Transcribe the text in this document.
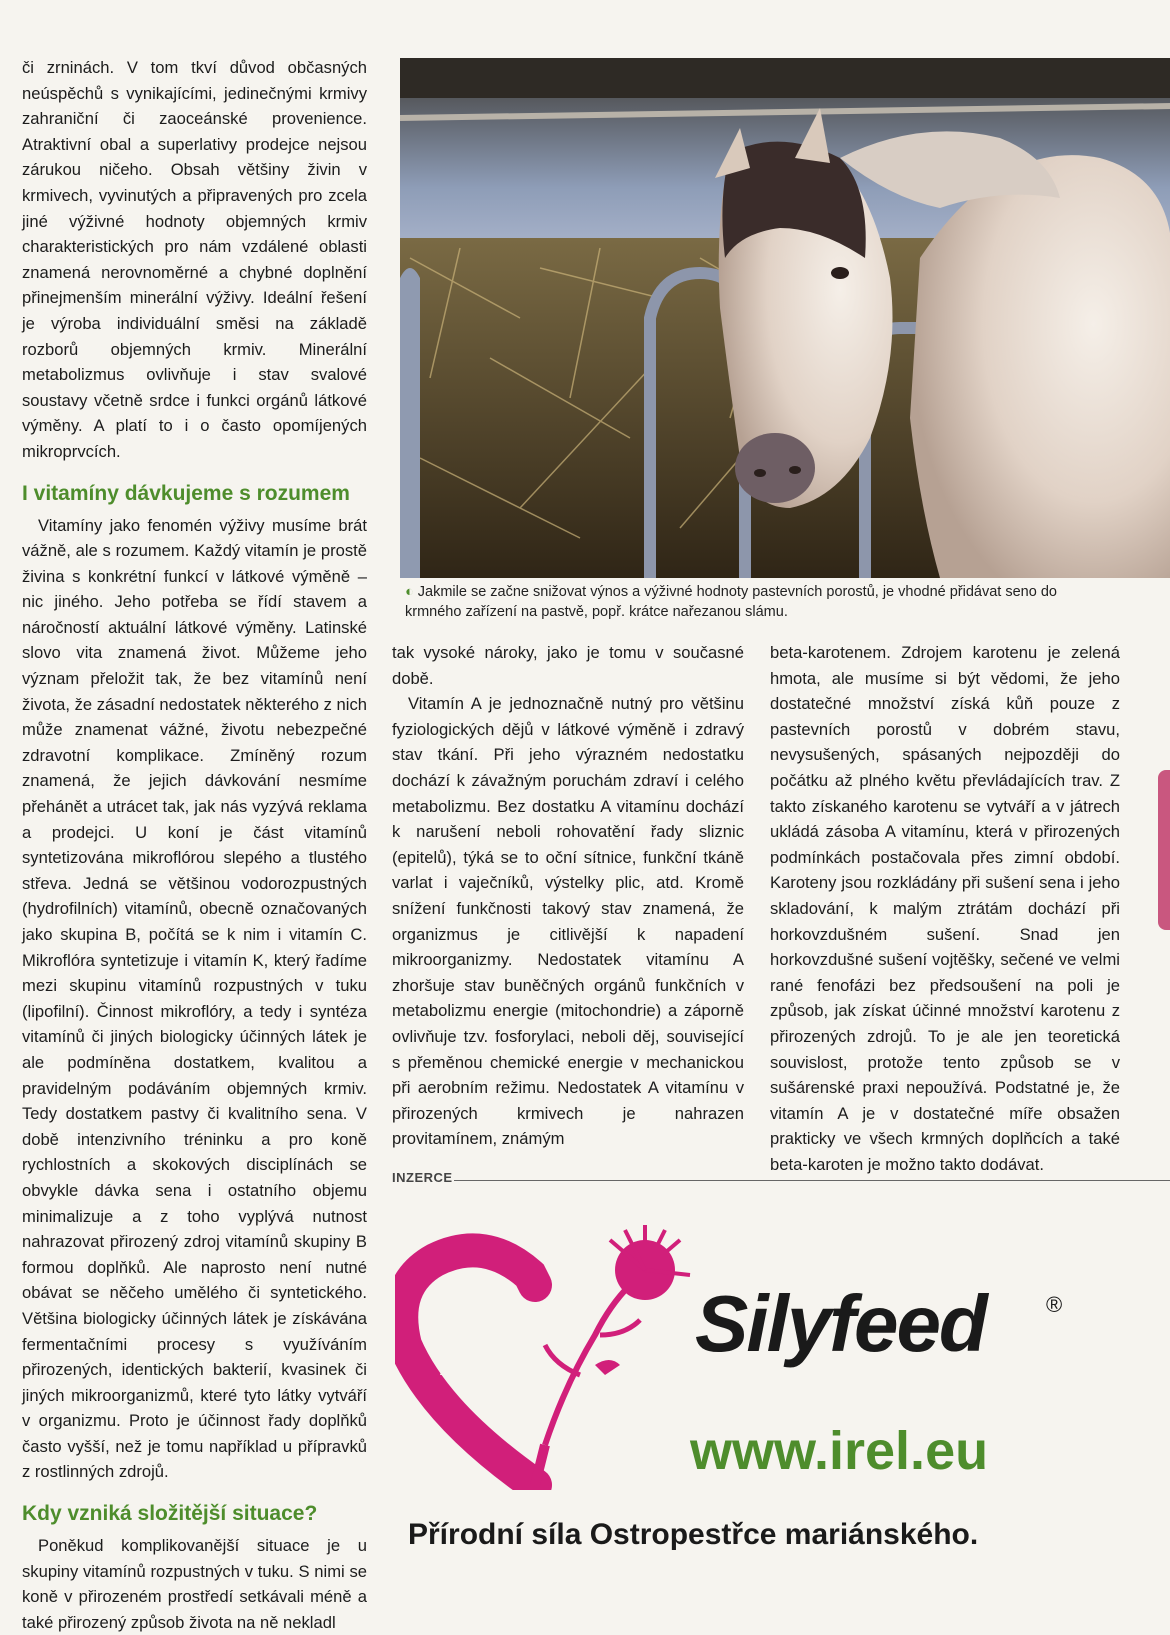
či zrninách. V tom tkví důvod občasných neúspěchů s vynikajícími, jedinečnými krmivy zahraniční či zaoceánské provenience. Atraktivní obal a superlativy prodejce nejsou zárukou ničeho. Obsah většiny živin v krmivech, vyvinutých a připravených pro zcela jiné výživné hodnoty objemných krmiv charakteristických pro nám vzdálené oblasti znamená nerovnoměrné a chybné doplnění přinejmenším minerální výživy. Ideální řešení je výroba individuální směsi na základě rozborů objemných krmiv. Minerální metabolizmus ovlivňuje i stav svalové soustavy včetně srdce i funkci orgánů látkové výměny. A platí to i o často opomíjených mikroprvcích.

I vitamíny dávkujeme s rozumem

Vitamíny jako fenomén výživy musíme brát vážně, ale s rozumem. Každý vitamín je prostě živina s konkrétní funkcí v látkové výměně – nic jiného. Jeho potřeba se řídí stavem a náročností aktuální látkové výměny. Latinské slovo vita znamená život. Můžeme jeho význam přeložit tak, že bez vitamínů není života, že zásadní nedostatek některého z nich může znamenat vážné, životu nebezpečné zdravotní komplikace. Zmíněný rozum znamená, že jejich dávkování nesmíme přehánět a utrácet tak, jak nás vyzývá reklama a prodejci. U koní je část vitamínů syntetizována mikroflórou slepého a tlustého střeva. Jedná se většinou vodorozpustných (hydrofilních) vitamínů, obecně označovaných jako skupina B, počítá se k nim i vitamín C. Mikroflóra syntetizuje i vitamín K, který řadíme mezi skupinu vitamínů rozpustných v tuku (lipofilní). Činnost mikroflóry, a tedy i syntéza vitamínů či jiných biologicky účinných látek je ale podmíněna dostatkem, kvalitou a pravidelným podáváním objemných krmiv. Tedy dostatkem pastvy či kvalitního sena. V době intenzivního tréninku a pro koně rychlostních a skokových disciplínách se obvykle dávka sena i ostatního objemu minimalizuje a z toho vyplývá nutnost nahrazovat přirozený zdroj vitamínů skupiny B formou doplňků. Ale naprosto není nutné obávat se něčeho umělého či syntetického. Většina biologicky účinných látek je získávána fermentačními procesy s využíváním přirozených, identických bakterií, kvasinek či jiných mikroorganizmů, které tyto látky vytváří v organizmu. Proto je účinnost řady doplňků často vyšší, než je tomu například u přípravků z rostlinných zdrojů.

Kdy vzniká složitější situace?

Poněkud komplikovanější situace je u skupiny vitamínů rozpustných v tuku. S nimi se koně v přirozeném prostředí setkávali méně a také přirozený způsob života na ně nekladl

◐ Jakmile se začne snižovat výnos a výživné hodnoty pastevních porostů, je vhodné přidávat seno do krmného zařízení na pastvě, popř. krátce nařezanou slámu.

tak vysoké nároky, jako je tomu v současné době.

Vitamín A je jednoznačně nutný pro většinu fyziologických dějů v látkové výměně i zdravý stav tkání. Při jeho výrazném nedostatku dochází k závažným poruchám zdraví i celého metabolizmu. Bez dostatku A vitamínu dochází k narušení neboli rohovatění řady sliznic (epitelů), týká se to oční sítnice, funkční tkáně varlat i vaječníků, výstelky plic, atd. Kromě snížení funkčnosti takový stav znamená, že organizmus je citlivější k napadení mikroorganizmy. Nedostatek vitamínu A zhoršuje stav buněčných orgánů funkčních v metabolizmu energie (mitochondrie) a záporně ovlivňuje tzv. fosforylaci, neboli děj, související s přeměnou chemické energie v mechanickou při aerobním režimu. Nedostatek A vitamínu v přirozených krmivech je nahrazen provitamínem, známým

beta-karotenem. Zdrojem karotenu je zelená hmota, ale musíme si být vědomi, že jeho dostatečné množství získá kůň pouze z pastevních porostů v dobrém stavu, nevysušených, spásaných nejpozději do počátku až plného květu převládajících trav. Z takto získaného karotenu se vytváří a v játrech ukládá zásoba A vitamínu, která v přirozených podmínkách postačovala přes zimní období. Karoteny jsou rozkládány při sušení sena i jeho skladování, k malým ztrátám dochází při horkovzdušném sušení. Snad jen horkovzdušné sušení vojtěšky, sečené ve velmi rané fenofázi bez předsoušení na poli je způsob, jak získat účinné množství karotenu z přirozených zdrojů. To je ale jen teoretická souvislost, protože tento způsob se v sušárenské praxi nepoužívá. Podstatné je, že vitamín A je v dostatečné míře obsažen prakticky ve všech krmných doplňcích a také beta-karoten je možno takto dodávat.

INZERCE
Silyfeed	®
www.irel.eu
Přírodní síla Ostropestřce mariánského.
